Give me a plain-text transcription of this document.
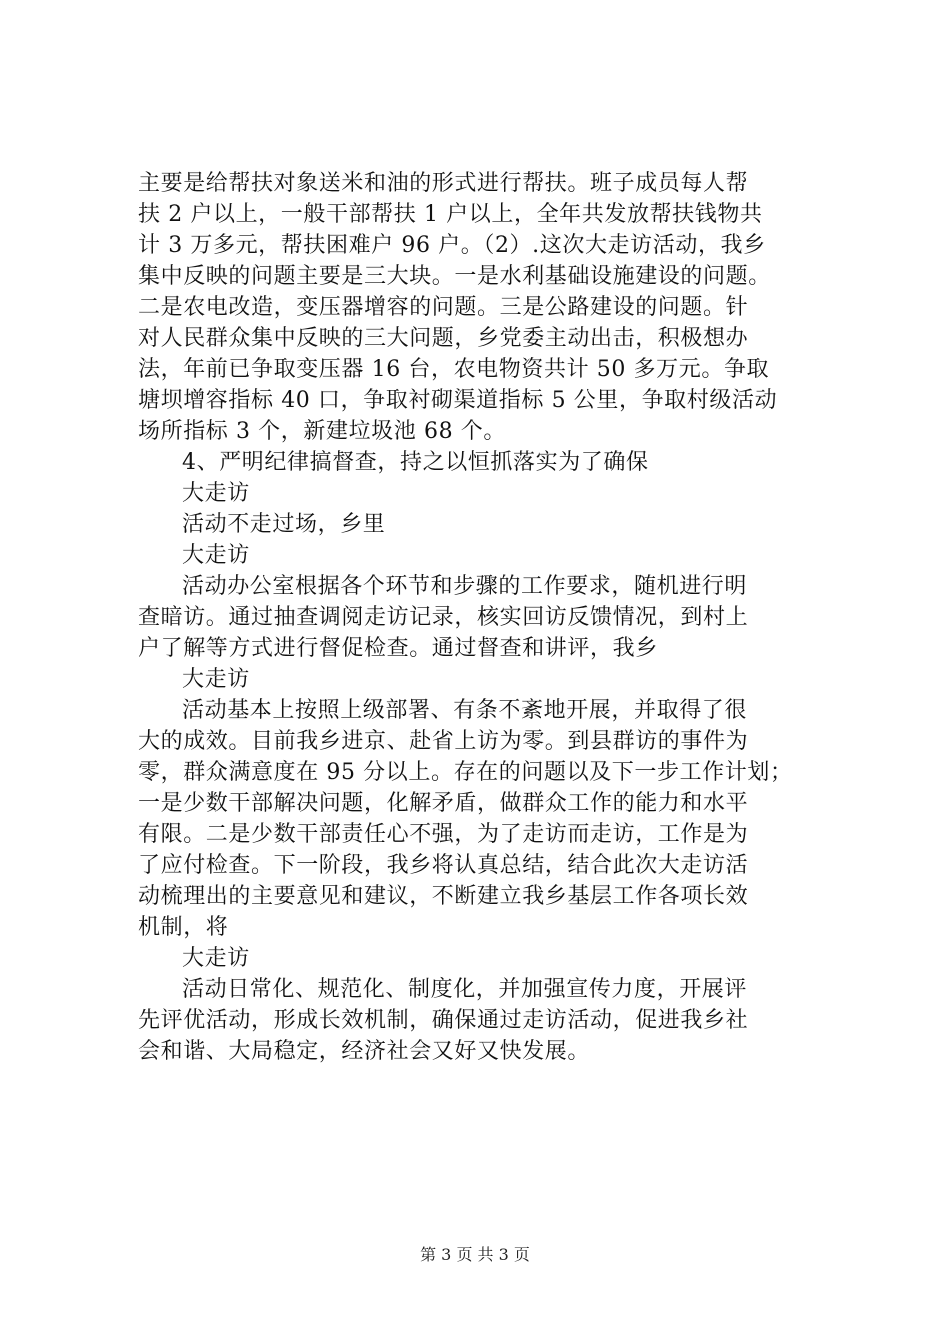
主要是给帮扶对象送米和油的形式进行帮扶。班子成员每人帮
扶 2 户以上，一般干部帮扶 1 户以上，全年共发放帮扶钱物共
计 3 万多元，帮扶困难户 96 户。（2）.这次大走访活动，我乡
集中反映的问题主要是三大块。一是水利基础设施建设的问题。
二是农电改造，变压器增容的问题。三是公路建设的问题。针
对人民群众集中反映的三大问题，乡党委主动出击，积极想办
法，年前已争取变压器 16 台，农电物资共计 50 多万元。争取
塘坝增容指标 40 口，争取衬砌渠道指标 5 公里，争取村级活动
场所指标 3 个，新建垃圾池 68 个。
4、严明纪律搞督查，持之以恒抓落实为了确保
大走访
活动不走过场，乡里
大走访
活动办公室根据各个环节和步骤的工作要求，随机进行明
查暗访。通过抽查调阅走访记录，核实回访反馈情况，到村上
户了解等方式进行督促检查。通过督查和讲评，我乡
大走访
活动基本上按照上级部署、有条不紊地开展，并取得了很
大的成效。目前我乡进京、赴省上访为零。到县群访的事件为
零，群众满意度在 95 分以上。存在的问题以及下一步工作计划；
一是少数干部解决问题，化解矛盾，做群众工作的能力和水平
有限。二是少数干部责任心不强，为了走访而走访，工作是为
了应付检查。下一阶段，我乡将认真总结，结合此次大走访活
动梳理出的主要意见和建议，不断建立我乡基层工作各项长效
机制，将
大走访
活动日常化、规范化、制度化，并加强宣传力度，开展评
先评优活动，形成长效机制，确保通过走访活动，促进我乡社
会和谐、大局稳定，经济社会又好又快发展。
第 3 页 共 3 页
